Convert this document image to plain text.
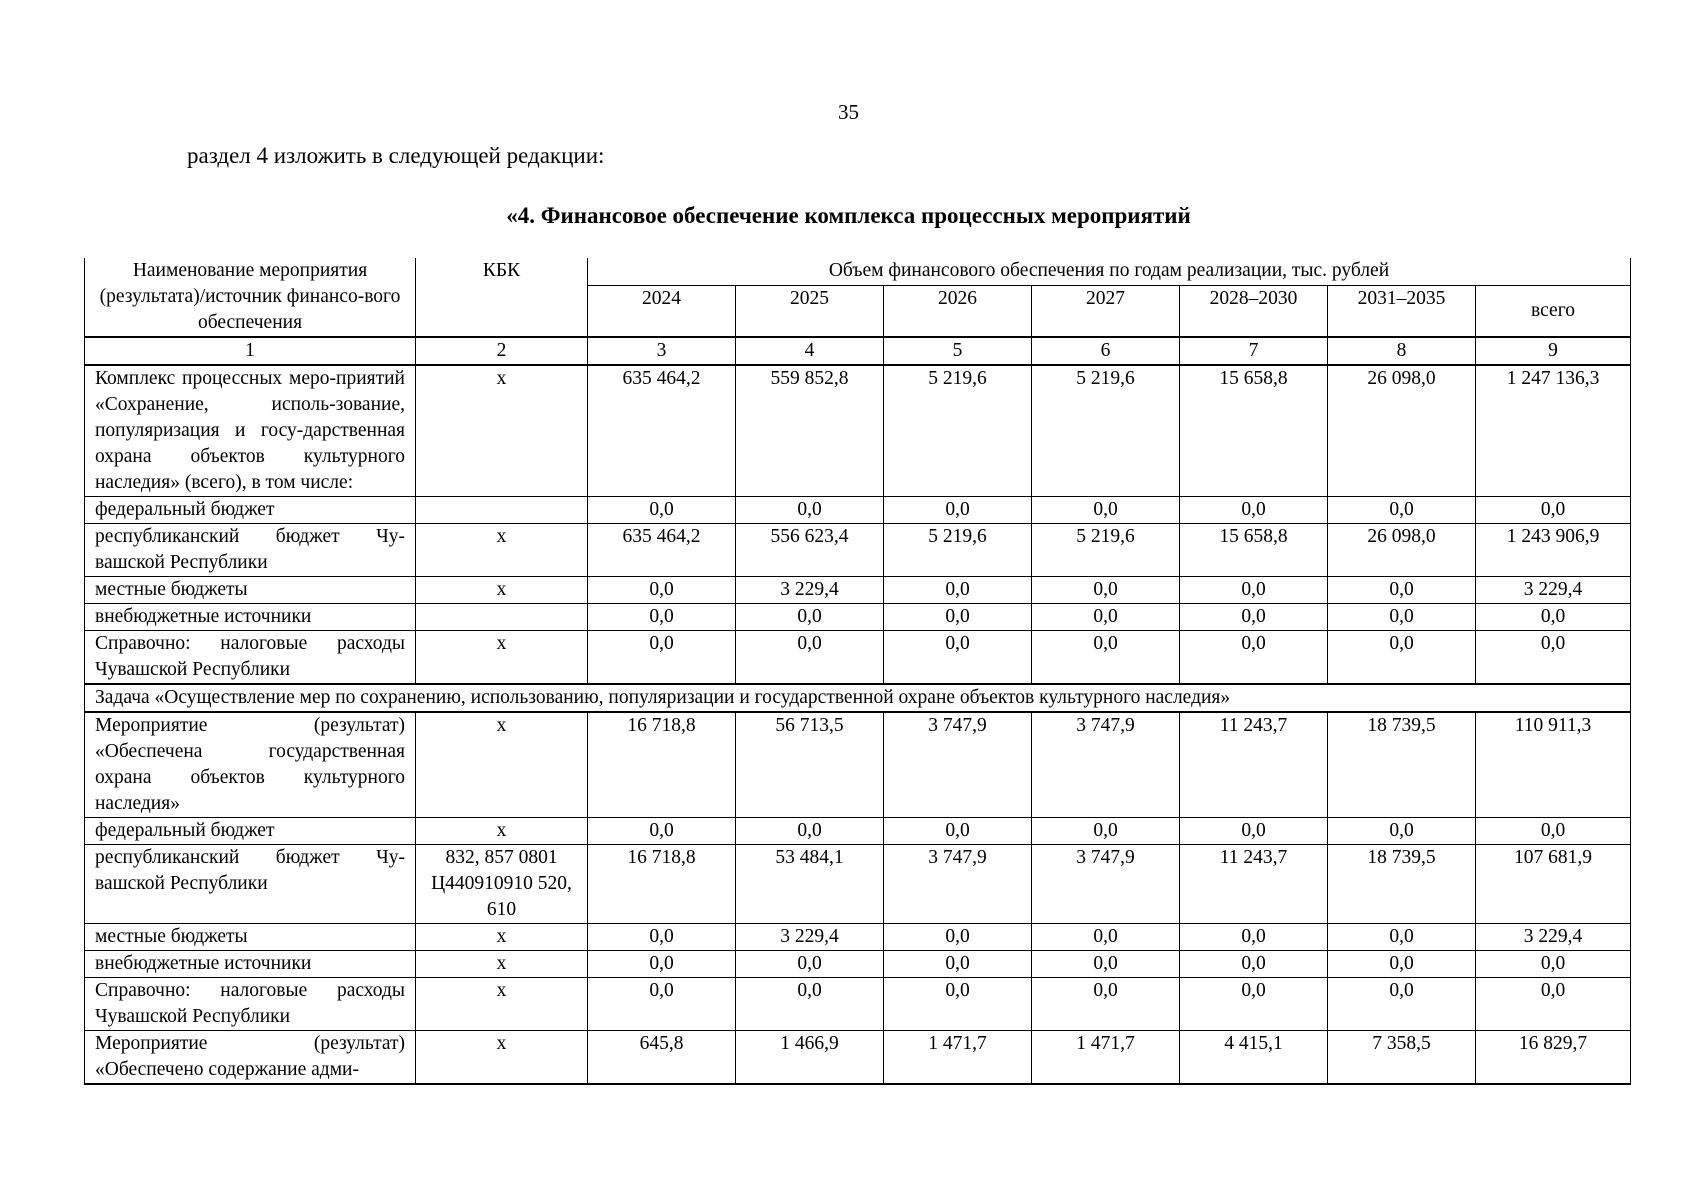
35
раздел 4 изложить в следующей редакции:
«4. Финансовое обеспечение комплекса процессных мероприятий
Наименование мероприятия (результата)/источник финансо-вого обеспечения	КБК	Объем финансового обеспечения по годам реализации, тыс. рублей						
		2024	2025	2026	2027	2028–2030	2031–2035	всего
1	2	3	4	5	6	7	8	9
Комплекс процессных меро-приятий «Сохранение, исполь-зование, популяризация и госу-дарственная охрана объектов культурного наследия» (всего), в том числе:	x	635 464,2	559 852,8	5 219,6	5 219,6	15 658,8	26 098,0	1 247 136,3
федеральный бюджет		0,0	0,0	0,0	0,0	0,0	0,0	0,0
республиканский бюджет Чу-вашской Республики	x	635 464,2	556 623,4	5 219,6	5 219,6	15 658,8	26 098,0	1 243 906,9
местные бюджеты	x	0,0	3 229,4	0,0	0,0	0,0	0,0	3 229,4
внебюджетные источники		0,0	0,0	0,0	0,0	0,0	0,0	0,0
Справочно: налоговые расходы Чувашской Республики	x	0,0	0,0	0,0	0,0	0,0	0,0	0,0
Задача «Осуществление мер по сохранению, использованию, популяризации и государственной охране объектов культурного наследия»								
Мероприятие (результат) «Обеспечена государственная охрана объектов культурного наследия»	x	16 718,8	56 713,5	3 747,9	3 747,9	11 243,7	18 739,5	110 911,3
федеральный бюджет	x	0,0	0,0	0,0	0,0	0,0	0,0	0,0
республиканский бюджет Чу-вашской Республики	832, 857 0801 Ц440910910 520, 610	16 718,8	53 484,1	3 747,9	3 747,9	11 243,7	18 739,5	107 681,9
местные бюджеты	x	0,0	3 229,4	0,0	0,0	0,0	0,0	3 229,4
внебюджетные источники	x	0,0	0,0	0,0	0,0	0,0	0,0	0,0
Справочно: налоговые расходы Чувашской Республики	x	0,0	0,0	0,0	0,0	0,0	0,0	0,0
Мероприятие (результат) «Обеспечено содержание адми-	x	645,8	1 466,9	1 471,7	1 471,7	4 415,1	7 358,5	16 829,7
